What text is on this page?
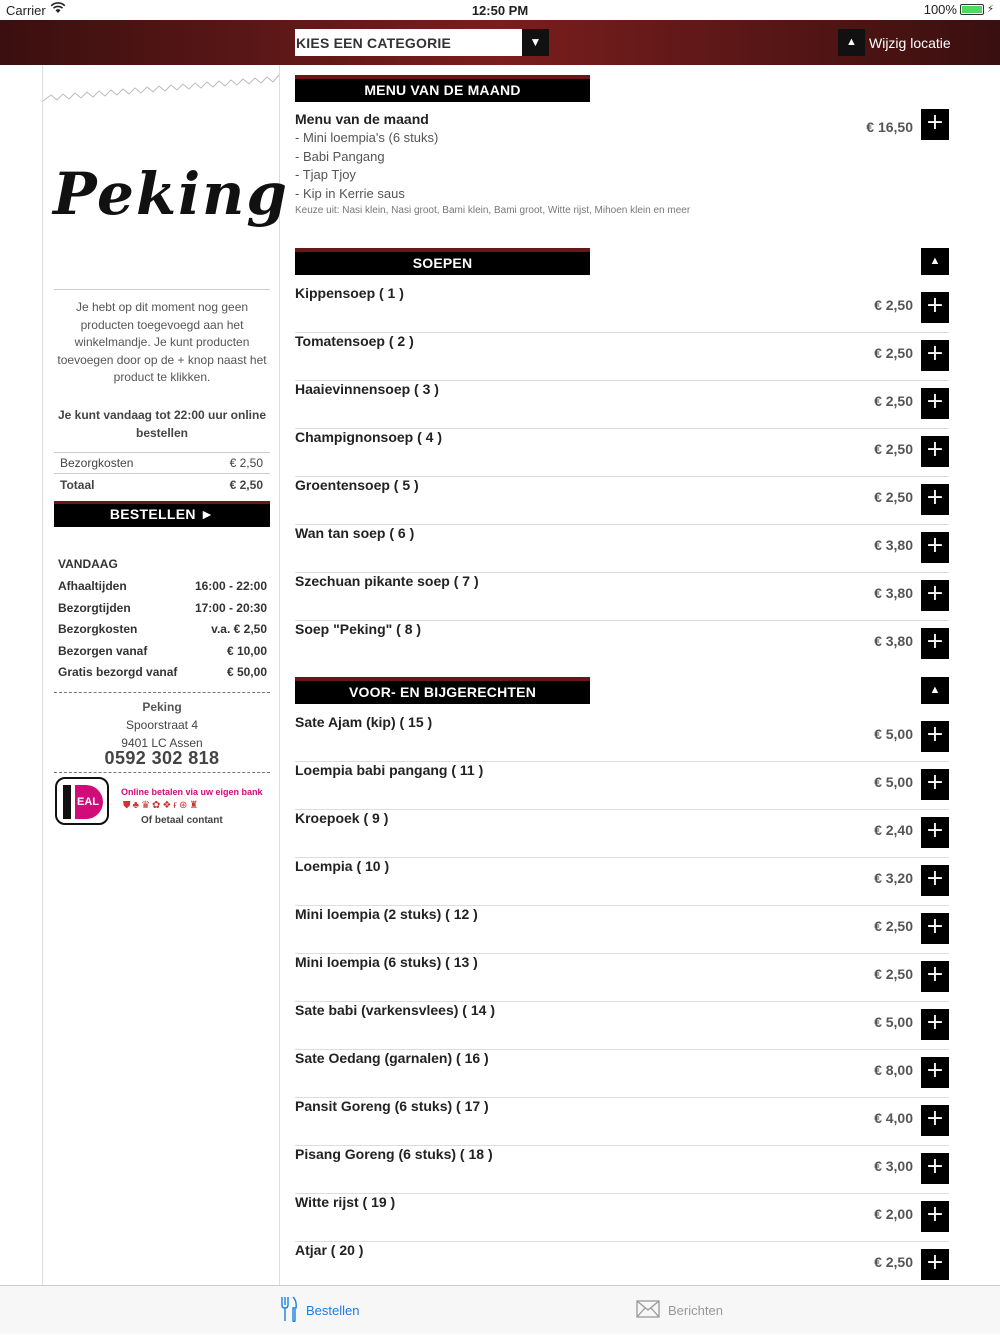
Carrier	12:50 PM	100%	⚡
KIES EEN CATEGORIE	▼	▲ Wijzig locatie
Peking
Je hebt op dit moment nog geen producten toegevoegd aan het winkelmandje. Je kunt producten toevoegen door op de + knop naast het product te klikken.
Je kunt vandaag tot 22:00 uur online bestellen
Bezorgkosten	€ 2,50
Totaal	€ 2,50
BESTELLEN ►
VANDAAG
Afhaaltijden	16:00 - 22:00
Bezorgtijden	17:00 - 20:30
Bezorgkosten	v.a. € 2,50
Bezorgen vanaf	€ 10,00
Gratis bezorgd vanaf	€ 50,00
Peking
Spoorstraat 4
9401 LC Assen
0592 302 818
EAL
Online betalen via uw eigen bank
⛊♣♛✿❖ғ⊛♜
Of betaal contant
MENU VAN DE MAAND
Menu van de maand
- Mini loempia's (6 stuks)
- Babi Pangang
- Tjap Tjoy
- Kip in Kerrie saus
Keuze uit: Nasi klein, Nasi groot, Bami klein, Bami groot, Witte rijst, Mihoen klein en meer
€ 16,50 +
SOEPEN	▲
Kippensoep ( 1 )
€ 2,50 +
Tomatensoep ( 2 )
€ 2,50 +
Haaievinnensoep ( 3 )
€ 2,50 +
Champignonsoep ( 4 )
€ 2,50 +
Groentensoep ( 5 )
€ 2,50 +
Wan tan soep ( 6 )
€ 3,80 +
Szechuan pikante soep ( 7 )
€ 3,80 +
Soep "Peking" ( 8 )
€ 3,80 +
VOOR- EN BIJGERECHTEN	▲
Sate Ajam (kip) ( 15 )
€ 5,00 +
Loempia babi pangang ( 11 )
€ 5,00 +
Kroepoek ( 9 )
€ 2,40 +
Loempia ( 10 )
€ 3,20 +
Mini loempia (2 stuks) ( 12 )
€ 2,50 +
Mini loempia (6 stuks) ( 13 )
€ 2,50 +
Sate babi (varkensvlees) ( 14 )
€ 5,00 +
Sate Oedang (garnalen) ( 16 )
€ 8,00 +
Pansit Goreng (6 stuks) ( 17 )
€ 4,00 +
Pisang Goreng (6 stuks) ( 18 )
€ 3,00 +
Witte rijst ( 19 )
€ 2,00 +
Atjar ( 20 )
€ 2,50 +
Bestellen	Berichten
